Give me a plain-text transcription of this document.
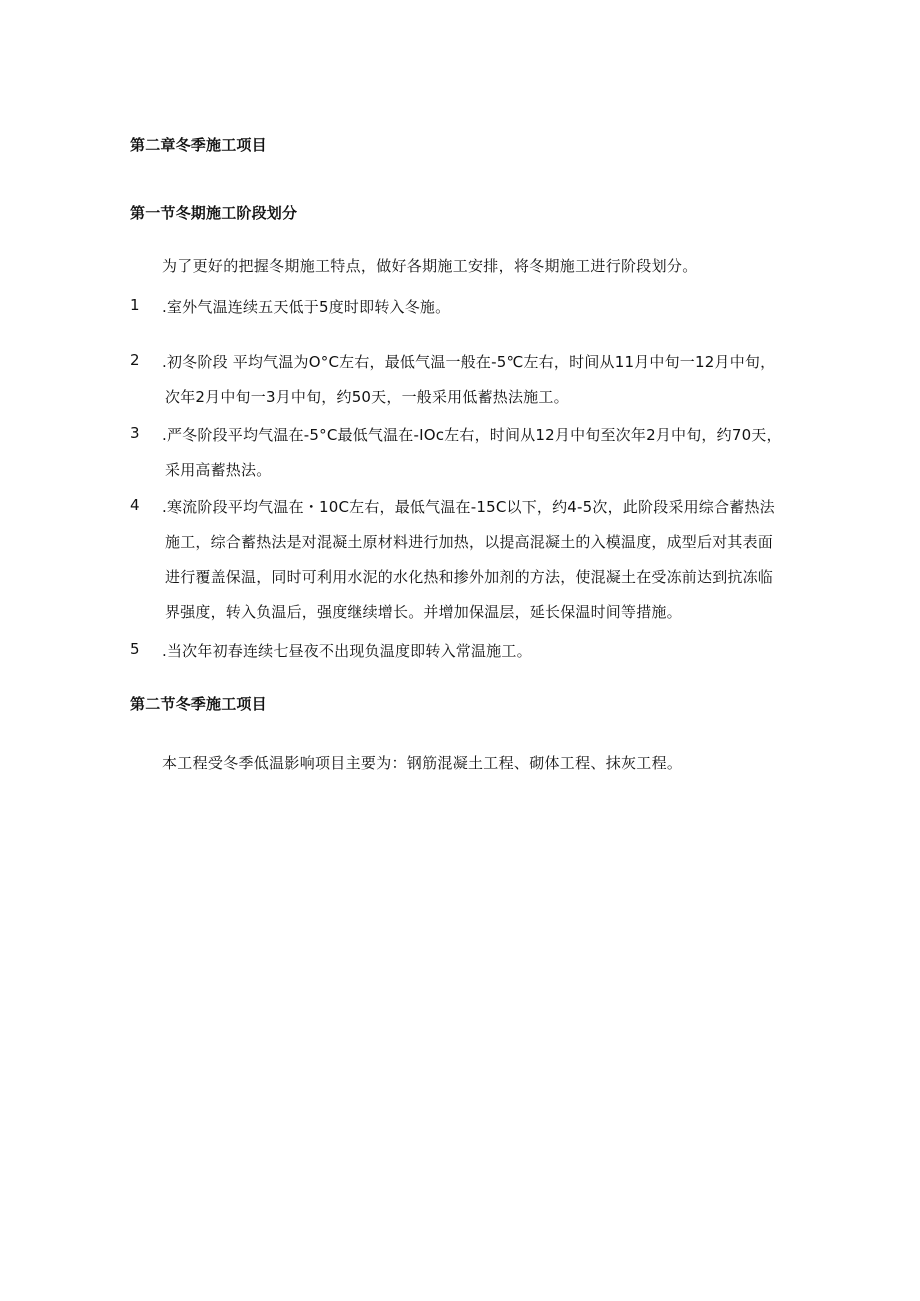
第二章冬季施工项目
第一节冬期施工阶段划分
为了更好的把握冬期施工特点，做好各期施工安排，将冬期施工进行阶段划分。
1	.室外气温连续五天低于5度时即转入冬施。
2	.初冬阶段 平均气温为O°C左右，最低气温一般在-5℃左右，时间从11月中旬一12月中旬，
次年2月中旬一3月中旬，约50天，一般采用低蓄热法施工。
3	.严冬阶段平均气温在-5°C最低气温在-IOc左右，时间从12月中旬至次年2月中旬，约70天，
采用高蓄热法。
4	.寒流阶段平均气温在・10C左右，最低气温在-15C以下，约4-5次，此阶段采用综合蓄热法
施工，综合蓄热法是对混凝土原材料进行加热，以提高混凝土的入模温度，成型后对其表面
进行覆盖保温，同时可利用水泥的水化热和掺外加剂的方法，使混凝土在受冻前达到抗冻临
界强度，转入负温后，强度继续增长。并增加保温层，延长保温时间等措施。
5	.当次年初春连续七昼夜不出现负温度即转入常温施工。
第二节冬季施工项目
本工程受冬季低温影响项目主要为：钢筋混凝土工程、砌体工程、抹灰工程。
